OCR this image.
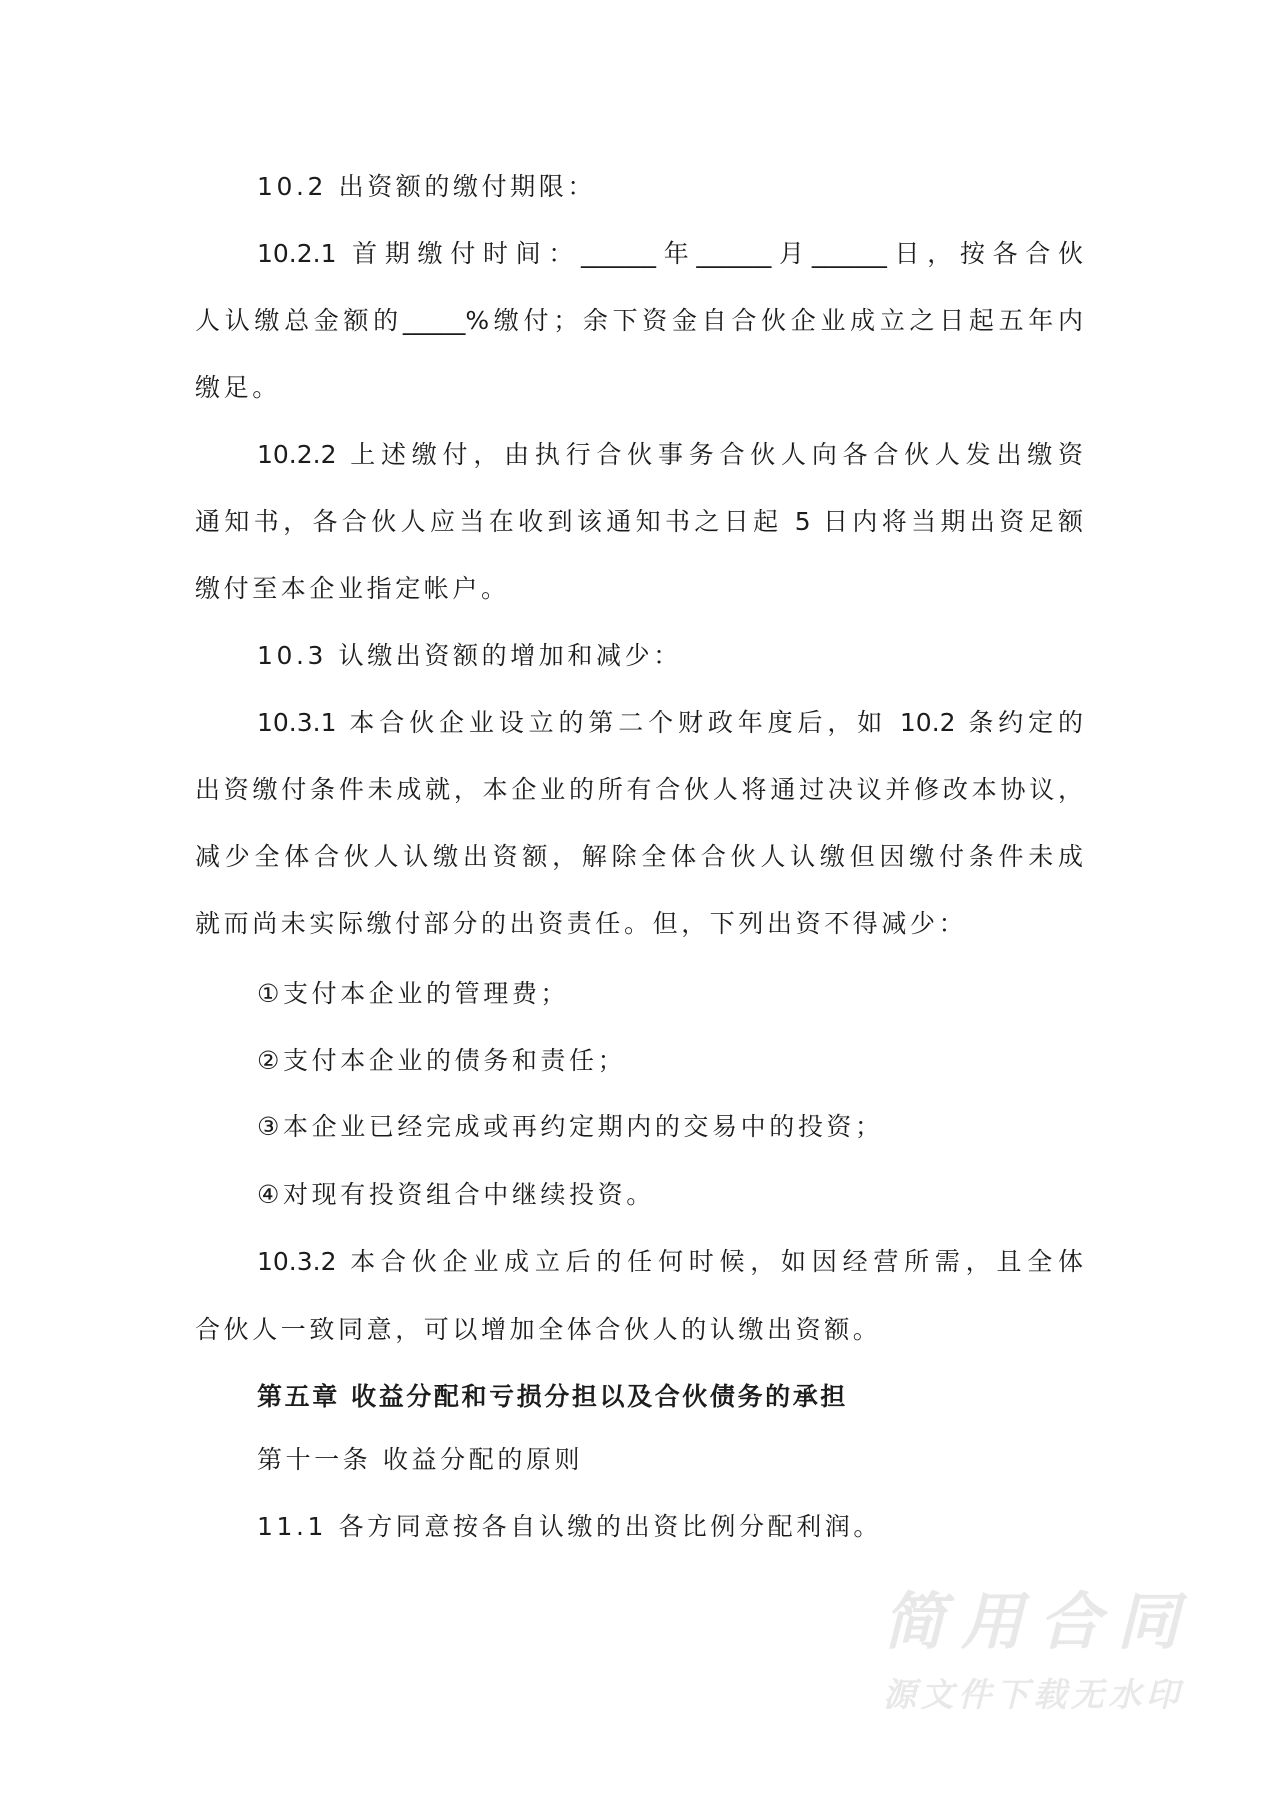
10.2 出资额的缴付期限：
10.2.1 首期缴付时间：______年______月______日，按各合伙
人认缴总金额的_____%缴付；余下资金自合伙企业成立之日起五年内
缴足。
10.2.2 上述缴付，由执行合伙事务合伙人向各合伙人发出缴资
通知书，各合伙人应当在收到该通知书之日起 5 日内将当期出资足额
缴付至本企业指定帐户。
10.3 认缴出资额的增加和减少：
10.3.1 本合伙企业设立的第二个财政年度后，如 10.2 条约定的
出资缴付条件未成就，本企业的所有合伙人将通过决议并修改本协议，
减少全体合伙人认缴出资额，解除全体合伙人认缴但因缴付条件未成
就而尚未实际缴付部分的出资责任。但，下列出资不得减少：
①支付本企业的管理费；
②支付本企业的债务和责任；
③本企业已经完成或再约定期内的交易中的投资；
④对现有投资组合中继续投资。
10.3.2 本合伙企业成立后的任何时候，如因经营所需，且全体
合伙人一致同意，可以增加全体合伙人的认缴出资额。
第五章 收益分配和亏损分担以及合伙债务的承担
第十一条 收益分配的原则
11.1 各方同意按各自认缴的出资比例分配利润。
简用合同
源文件下载无水印
